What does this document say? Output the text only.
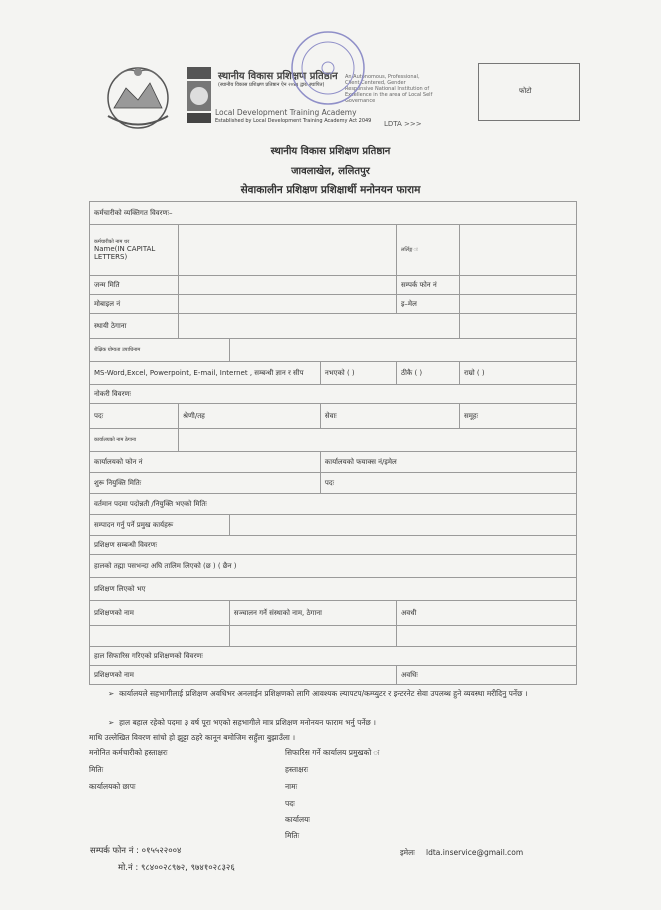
स्थानीय विकास प्रशिक्षण प्रतिष्ठान
(स्थानीय विकास प्रशिक्षण प्रतिष्ठान ऐन २०४९ द्वारा स्थापित)
Local Development Training Academy
Established by Local Development Training Academy Act 2049
An Autonomous, Professional, Client Centered, Gender Responsive National Institution of Excellence in the area of Local Self Governance
LDTA >>>
फोटो
स्थानीय विकास प्रशिक्षण प्रतिष्ठान
जावलाखेल, ललितपुर
सेवाकालीन प्रशिक्षण प्रशिक्षार्थी मनोनयन फाराम
कर्मचारीको व्यक्तिगत विवरणः–					

कर्मचारीको नाम थर
Name(IN CAPITAL LETTERS)				लर्लिङ्ग ः	

जन्म मिति				सम्पर्क फोन नं	
मोबाइल नं				इ–मेल	
स्थायी ठेगाना					
शैक्षिक योग्यता उपाधिनाम					
MS-Word,Excel, Powerpoint, E-mail, Internet , सम्बन्धी ज्ञान र सीप			नभएको ( )	ठीकै ( )	राम्रो ( )
नोकरी विवरणः					
पदः	श्रेणी/तह		सेवाः		समूहः
कार्यालयको नाम ठेगाना					
कार्यालयको फोन नं			कार्यालयको फयाक्स नं/इमेल		
शुरू नियुक्ति मितिः			पदः		
वर्तमान पदमा पदोन्नती /नियुक्ति भएको मितिः					
सम्पादन गर्नु पर्ने प्रमुख कार्यहरू					
प्रशिक्षण सम्बन्धी विवरणः					
हालको तह्मा पसभन्दा अघि तालिम लिएको (छ ) ( छैन )					
प्रशिक्षण लिएको भए					
प्रशिक्षणको नाम		सञ्चालन गर्ने संस्थाको नाम, ठेगाना		अवधी	

हाल सिफारिस गरिएको प्रशिक्षणको विवरणः					
प्रशिक्षणको नाम				अवधिः	
➢ कार्यालयले सहभागीलाई प्रशिक्षण अवधिभर अनलाईन प्रशिक्षणको लागि आवश्यक ल्यापटप/कम्प्युटर र इन्टरनेट सेवा उपलब्ध हुने व्यवस्था मरीदिनु पर्नेछ ।
➢ हाल बहाल रहेको पदमा ३ वर्ष पूरा भएको सहभागीले मात्र प्रशिक्षण मनोनयन फाराम भर्नु पर्नेछ ।
माथि उल्लेखित विवरण सांचो हो झुट्टा ठहरे कानून बमोजिम सहुँला बुझाउँला ।
मनोनित कर्मचारीको हस्ताक्षरः
मितिः
कार्यालयको छापः
सिफारिस गर्ने कार्यालय प्रमुखको ः
हस्ताक्षरः
नामः
पदः
कार्यालयः
मितिः
सम्पर्क फोन नं : ०१५५२२००४
मो.नं : ९८४००२८९७२, ९७४१०२८३२६
इमेलः ldta.inservice@gmail.com
